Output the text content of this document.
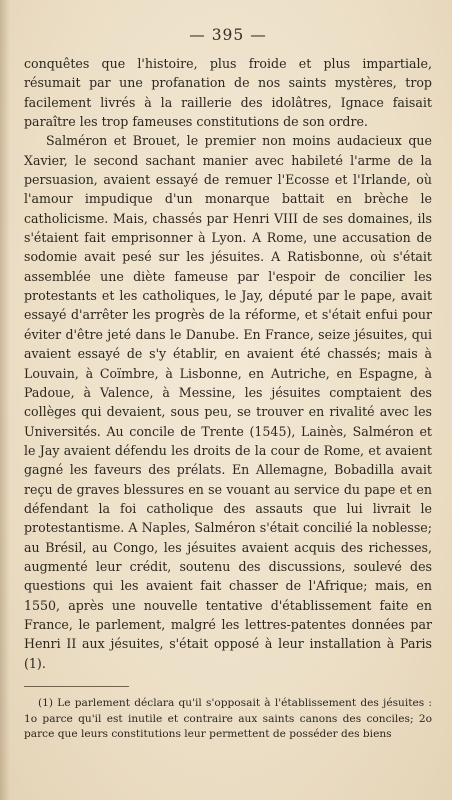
— 395 —

conquêtes que l'histoire, plus froide et plus impartiale, résumait par une profanation de nos saints mystères, trop facilement livrés à la raillerie des idolâtres, Ignace faisait paraître les trop fameuses constitutions de son ordre.

Salméron et Brouet, le premier non moins audacieux que Xavier, le second sachant manier avec habileté l'arme de la persuasion, avaient essayé de remuer l'Ecosse et l'Irlande, où l'amour impudique d'un monarque battait en brèche le catholicisme. Mais, chassés par Henri VIII de ses domaines, ils s'étaient fait emprisonner à Lyon. A Rome, une accusation de sodomie avait pesé sur les jésuites. A Ratisbonne, où s'était assemblée une diète fameuse par l'espoir de concilier les protestants et les catholiques, le Jay, député par le pape, avait essayé d'arrêter les progrès de la réforme, et s'était enfui pour éviter d'être jeté dans le Danube. En France, seize jésuites, qui avaient essayé de s'y établir, en avaient été chassés; mais à Louvain, à Coïmbre, à Lisbonne, en Autriche, en Espagne, à Padoue, à Valence, à Messine, les jésuites comptaient des collèges qui devaient, sous peu, se trouver en rivalité avec les Universités. Au concile de Trente (1545), Lainès, Salméron et le Jay avaient défendu les droits de la cour de Rome, et avaient gagné les faveurs des prélats. En Allemagne, Bobadilla avait reçu de graves blessures en se vouant au service du pape et en défendant la foi catholique des assauts que lui livrait le protestantisme. A Naples, Salméron s'était concilié la noblesse; au Brésil, au Congo, les jésuites avaient acquis des richesses, augmenté leur crédit, soutenu des discussions, soulevé des questions qui les avaient fait chasser de l'Afrique; mais, en 1550, après une nouvelle tentative d'établissement faite en France, le parlement, malgré les lettres-patentes données par Henri II aux jésuites, s'était opposé à leur installation à Paris (1).

(1) Le parlement déclara qu'il s'opposait à l'établissement des jésuites : 1o parce qu'il est inutile et contraire aux saints canons des conciles; 2o parce que leurs constitutions leur permettent de posséder des biens
